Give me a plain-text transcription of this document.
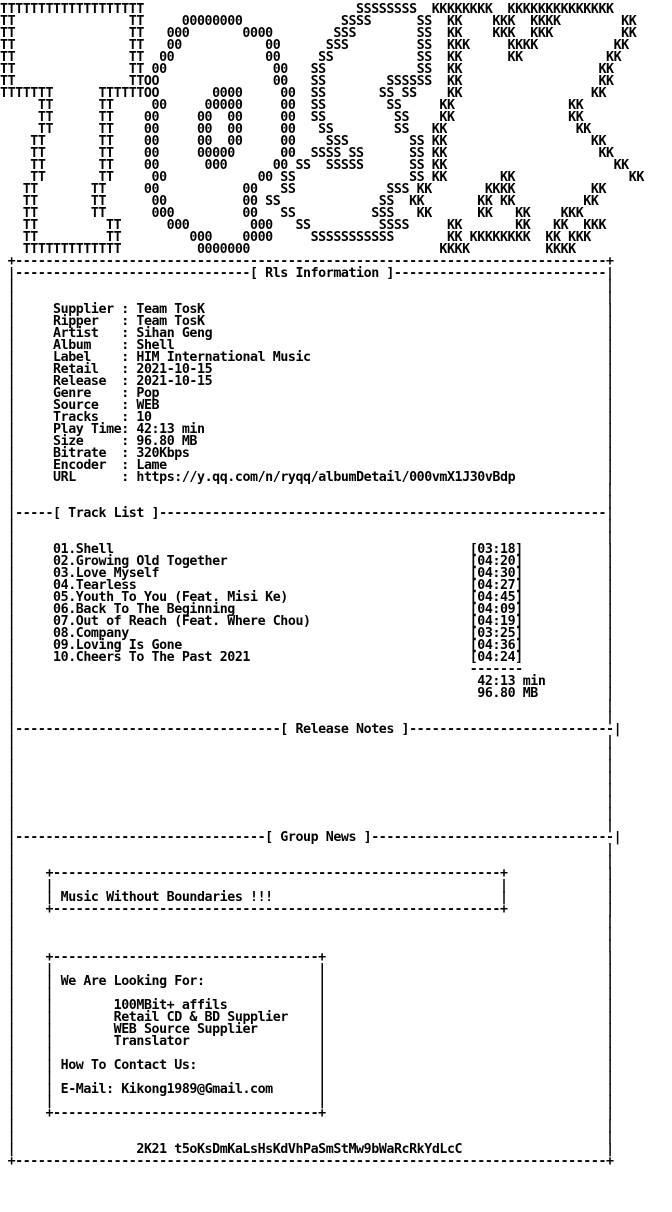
TTTTTTTTTTTTTTTTTTT                            SSSSSSSS  KKKKKKKK  KKKKKKKKKKKKKK
TT               TT     00000000             SSSS      SS  KK    KKK  KKKK        KK
TT               TT   000       0000        SSS        SS  KK    KKK  KKK         KK
TT               TT   00           00      SSS         SS  KKK     KKKK          KK
TT               TT  00            00     SS           SS  KK      KK           KK
TT               TT 00              00   SS            SS  KK                  KK
TT               TTOO               00   SS        SSSSSS  KK                  KK
TTTTTTT      TTTTTTOO       0000     00  SS       SS SS    KK                 KK
TT      TT     00     00000     00  SS        SS     KK               KK
TT      TT    00     00  00     00  SS         SS    KK               KK
TT      TT    00     00  00     00   SS        SS   KK                 KK
TT       TT    00     00  00     00    SSS        SS KK                   KK
TT       TT    00     00000      00  SSSS SS      SS KK                    KK
TT       TT    00      000      00 SS  SSSSS      SS KK                      KK
TT       TT     00            00 SS               SS KK       KK               KK
TT       TT     00           00   SS            SSS KK       KKKK          KK
TT       TT      00          00 SS             SS  KK       KK KK         KK
TT       TT      000         00   SS          SSS   KK      KK   KK    KKK
TT         TT      000        000   SS         SSSS     KK       KK   KK  KKK
TT         TT         000    0000     SSSSSSSSSSS       KK KKKKKKKK  KK KKK
TTTTTTTTTTTTT          0000000                         KKKK          KKKK
+------------------------------------------------------------------------------+
|-------------------------------[ Rls Information ]----------------------------|
|	|
|	|
|	Supplier : Team TosK	|
|	Ripper   : Team TosK	|
|	Artist   : Sihan Geng	|
|	Album    : Shell	|
|	Label    : HIM International Music	|
|	Retail   : 2021-10-15	|
|	Release  : 2021-10-15	|
|	Genre    : Pop	|
|	Source   : WEB	|
|	Tracks   : 10	|
|	Play Time: 42:13 min	|
|	Size     : 96.80 MB	|
|	Bitrate  : 320Kbps	|
|	Encoder  : Lame	|
|	URL      : https://y.qq.com/n/ryqq/albumDetail/000vmX1J30vBdp	|
|	|
|	|
|-----[ Track List ]-----------------------------------------------------------|
|	|
|	|
|	01.Shell	[03:18]	|
|	02.Growing Old Together	[04:20]	|
|	03.Love Myself	[04:30]	|
|	04.Tearless	[04:27]	|
|	05.Youth To You (Feat. Misi Ke)	[04:45]	|
|	06.Back To The Beginning	[04:09]	|
|	07.Out of Reach (Feat. Where Chou)	[04:19]	|
|	08.Company	[03:25]	|
|	09.Loving Is Gone	[04:36]	|
|	10.Cheers To The Past 2021	[04:24]	|
|	-------	|
|	42:13 min	|
|	96.80 MB	|
|	|
|	|
|-----------------------------------[ Release Notes ]---------------------------|
|	|
|	|
|	|
|	|
|	|
|	|
|	|
|	|
|---------------------------------[ Group News ]--------------------------------|
|	|
|	|
| +-----------------------------------------------------------+	|
| |	|	|
| | Music Without Boundaries !!!	|	|
| +-----------------------------------------------------------+	|
|	|
|	|
|	|
| +-----------------------------------+	|
| |	|	|
| | We Are Looking For:	|	|
| |	|	|
| |	100MBit+ affils	|	|
| |	Retail CD & BD Supplier |	|
| |	WEB Source Supplier	|	|
| |	Translator	|	|
| |	|	|
| | How To Contact Us:	|	|
| |	|	|
| | E-Mail: Kikong1989@Gmail.com	|	|
| |	|	|
| +-----------------------------------+	|
|	|
|	|
|	2K21 t5oKsDmKaLsHsKdVhPaSmStMw9bWaRcRkYdLcC	|
+------------------------------------------------------------------------------+
